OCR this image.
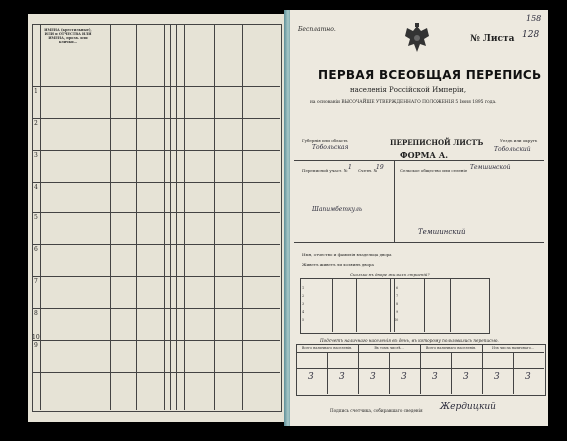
ИМЕНА (крестильные), ИЛИ и ОТЧЕСТВА ИЛИ ИМЕНА, прозв. или клички...
1
2
3
4
5
6
7
8
9
10
Бесплатно.
№ Листа 128
158
ПЕРВАЯ ВСЕОБЩАЯ ПЕРЕПИСЬ
населенiя Россiйской Имперiи,
на основанiи ВЫСОЧАЙШЕ УТВЕРЖДЕННАГО ПОЛОЖЕНIЯ 5 Iюня 1895 года.
Губернiя или область
Тобольская
ПЕРЕПИСНОЙ ЛИСТЪ
ФОРМА А.
Уездъ или округъ
Тобольский
Переписной участ. № 1 Счетн. №
19	Сельское общество или селенiе Темшинской
Шапимбеткуль
Темшинский
Имя, отчество и фамилiя владельца двора
Живетъ живетъ ли хозяинъ двора
Сколько въ дворе жилыхъ строенiй?
1
2
3
4
5
6
7
8
9
10
Подсчетъ наличнаго населенiя въ день, въ которому пользовались переписью.
Всего наличнаго населенiя.	Въ томъ числѣ...	Всего наличнаго населенiя.	Изъ числа наличнаго...
3	3	3	3	3	3	3	3
Подпись счетчика, собиравшаго сведенiя Жердицкий
